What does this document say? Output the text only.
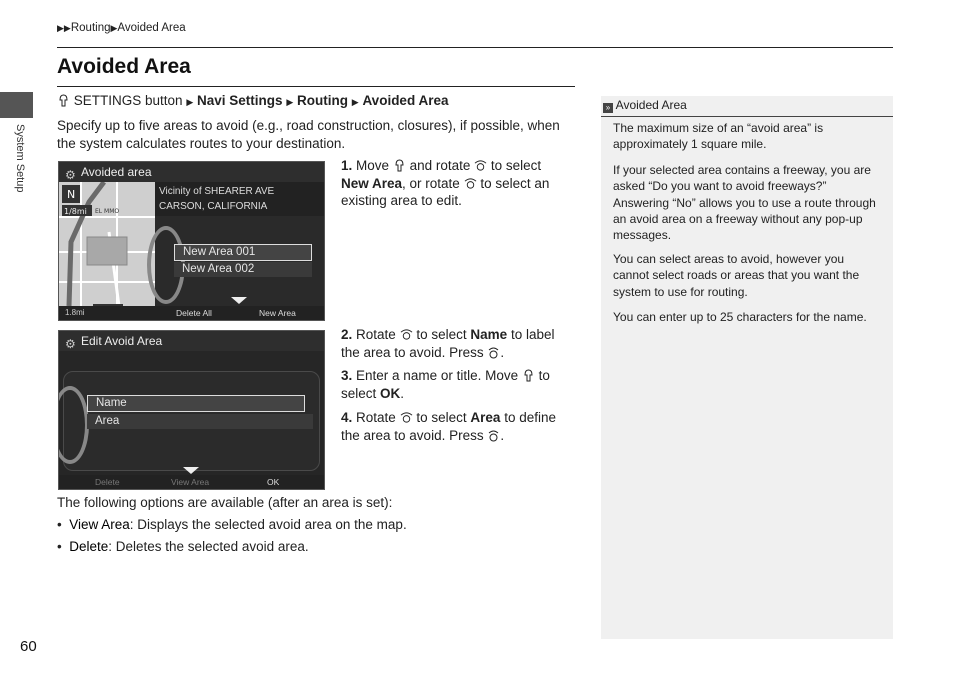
▶▶Routing▶Avoided Area
Avoided Area
System Setup
SETTINGS button ▶ Navi Settings ▶ Routing ▶ Avoided Area
Specify up to five areas to avoid (e.g., road construction, closures), if possible, when the system calculates routes to your destination.
⚙ Avoided area
N
1/8mi EL MMO
Vicinity of SHEARER AVE
CARSON, CALIFORNIA
New Area 001
New Area 002
1.8mi	Delete All	New Area
⚙ Edit Avoid Area
Name
Area
Delete	View Area	OK
1. Move and rotate to select
New Area, or rotate to select an existing area to edit.
2. Rotate to select Name to label the area to avoid. Press .
3. Enter a name or title. Move to select OK.
4. Rotate to select Area to define the area to avoid. Press .
The following options are available (after an area is set):
•  View Area: Displays the selected avoid area on the map.
•  Delete: Deletes the selected avoid area.
» Avoided Area
The maximum size of an “avoid area” is approximately 1 square mile.
If your selected area contains a freeway, you are asked “Do you want to avoid freeways?” Answering “No” allows you to use a route through an avoid area on a freeway without any pop-up messages.
You can select areas to avoid, however you cannot select roads or areas that you want the system to use for routing.
You can enter up to 25 characters for the name.
60
